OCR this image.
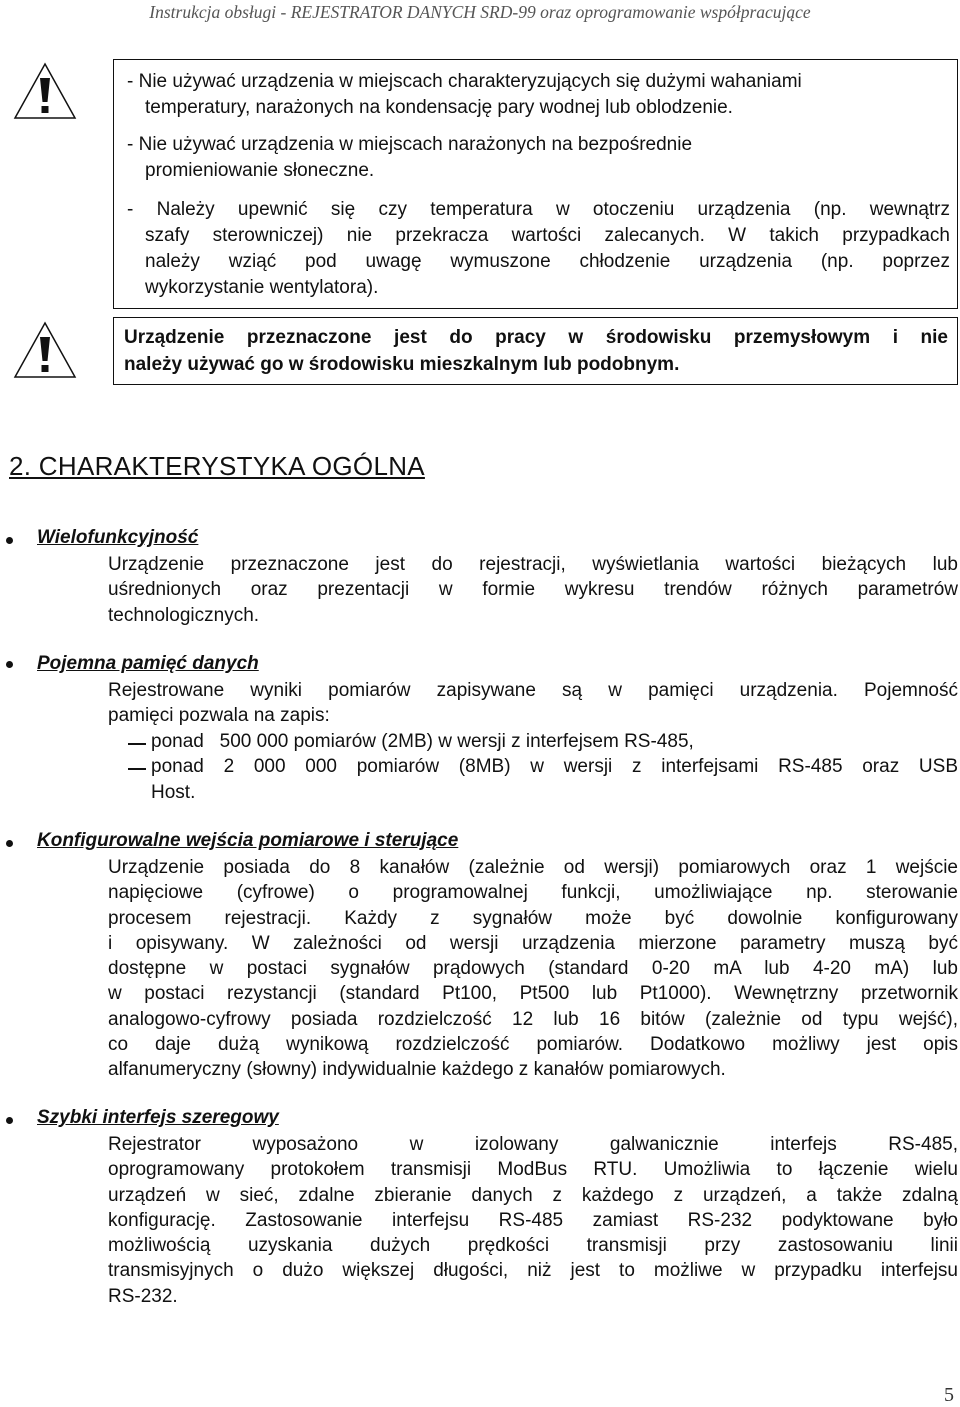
Instrukcja obsługi - REJESTRATOR DANYCH SRD-99 oraz oprogramowanie współpracujące
- Nie używać urządzenia w miejscach charakteryzujących się dużymi wahaniami
temperatury, narażonych na kondensację pary wodnej lub oblodzenie.
- Nie używać urządzenia w miejscach narażonych na bezpośrednie
promieniowanie słoneczne.
- Należy upewnić się czy temperatura w otoczeniu urządzenia (np. wewnątrz
szafy sterowniczej) nie przekracza wartości zalecanych. W takich przypadkach
należy wziąć pod uwagę wymuszone chłodzenie urządzenia (np. poprzez
wykorzystanie wentylatora).
Urządzenie przeznaczone jest do pracy w środowisku przemysłowym i nie
należy używać go w środowisku mieszkalnym lub podobnym.
2. CHARAKTERYSTYKA OGÓLNA
Wielofunkcyjność
Urządzenie przeznaczone jest do rejestracji, wyświetlania wartości bieżących lub
uśrednionych oraz prezentacji w formie wykresu trendów różnych parametrów
technologicznych.
Pojemna pamięć danych
Rejestrowane wyniki pomiarów zapisywane są w pamięci urządzenia. Pojemność
pamięci pozwala na zapis:
ponad   500 000 pomiarów (2MB) w wersji z interfejsem RS-485,
ponad 2 000 000 pomiarów (8MB) w wersji z interfejsami RS-485 oraz USB
Host.
Konfigurowalne wejścia pomiarowe i sterujące
Urządzenie posiada do 8 kanałów (zależnie od wersji) pomiarowych oraz 1 wejście
napięciowe (cyfrowe) o programowalnej funkcji, umożliwiające np. sterowanie
procesem rejestracji. Każdy z sygnałów może być dowolnie konfigurowany
i opisywany. W zależności od wersji urządzenia mierzone parametry muszą być
dostępne w postaci sygnałów prądowych (standard 0-20 mA lub 4-20 mA) lub
w postaci rezystancji (standard Pt100, Pt500 lub Pt1000). Wewnętrzny przetwornik
analogowo-cyfrowy posiada rozdzielczość 12 lub 16 bitów (zależnie od typu wejść),
co daje dużą wynikową rozdzielczość pomiarów. Dodatkowo możliwy jest opis
alfanumeryczny (słowny) indywidualnie każdego z kanałów pomiarowych.
Szybki interfejs szeregowy
Rejestrator wyposażono w izolowany galwanicznie interfejs RS-485,
oprogramowany protokołem transmisji ModBus RTU. Umożliwia to łączenie wielu
urządzeń w sieć, zdalne zbieranie danych z każdego z urządzeń, a także zdalną
konfigurację. Zastosowanie interfejsu RS-485 zamiast RS-232 podyktowane było
możliwością uzyskania dużych prędkości transmisji przy zastosowaniu linii
transmisyjnych o dużo większej długości, niż jest to możliwe w przypadku interfejsu
RS-232.
5
